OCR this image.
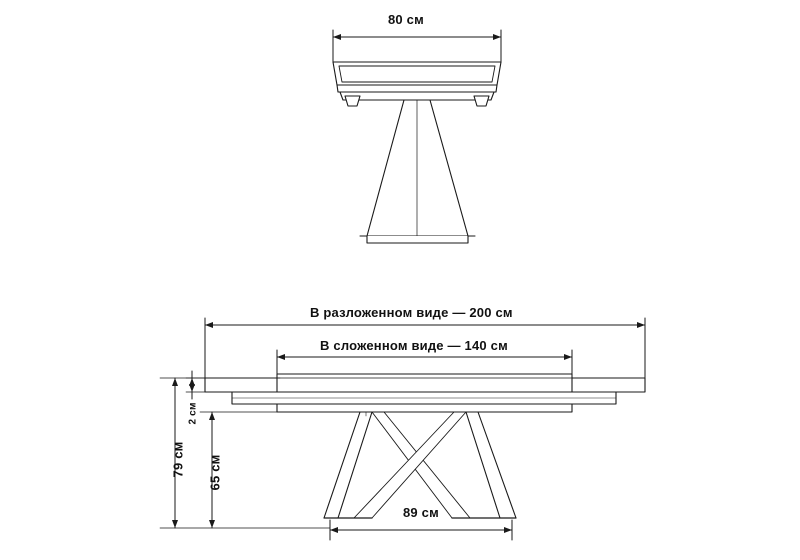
80 см
В разложенном виде — 200 см
В сложенном виде — 140 см
89 см
79 см 65 см
2 см
